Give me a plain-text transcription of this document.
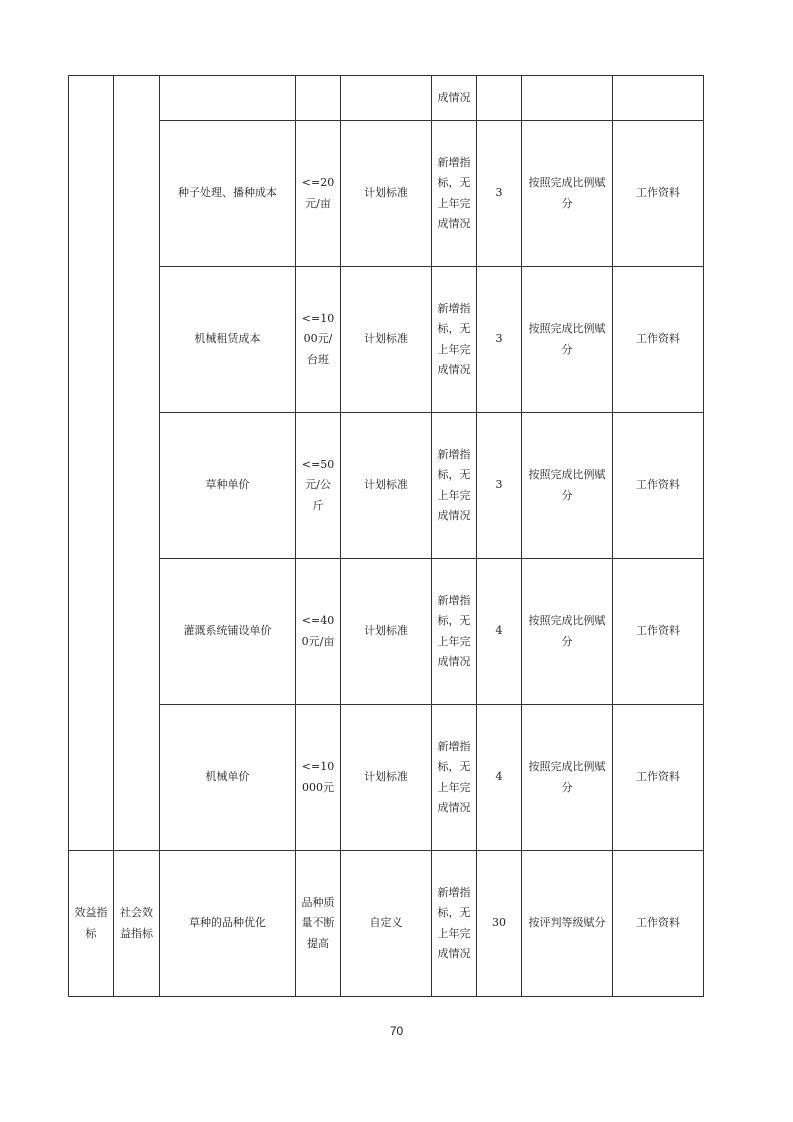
					成情况			
		种子处理、播种成本	<=20元/亩	计划标准	新增指标，无上年完成情况	3	按照完成比例赋分	工作资料
		机械租赁成本	<=1000元/台班	计划标准	新增指标，无上年完成情况	3	按照完成比例赋分	工作资料
		草种单价	<=50元/公斤	计划标准	新增指标，无上年完成情况	3	按照完成比例赋分	工作资料
		灌溉系统铺设单价	<=400元/亩	计划标准	新增指标，无上年完成情况	4	按照完成比例赋分	工作资料
		机械单价	<=10000元	计划标准	新增指标，无上年完成情况	4	按照完成比例赋分	工作资料
效益指标	社会效益指标	草种的品种优化	品种质量不断提高	自定义	新增指标，无上年完成情况	30	按评判等级赋分	工作资料
70
